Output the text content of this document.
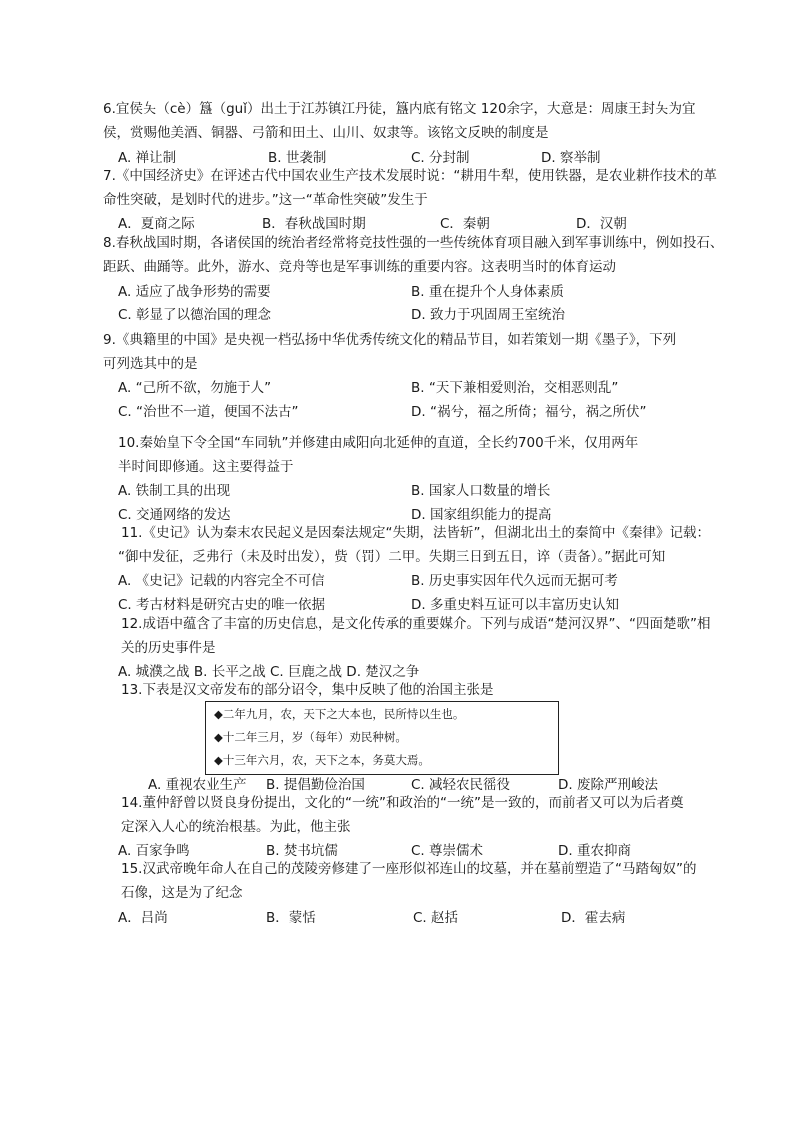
6.宜侯夨（cè）簋（guǐ）出土于江苏镇江丹徒，簋内底有铭文 120余字，大意是：周康王封夨为宜
侯，赏赐他美酒、铜器、弓箭和田土、山川、奴隶等。该铭文反映的制度是
A. 禅让制	B. 世袭制	C. 分封制	D. 察举制
7.《中国经济史》在评述古代中国农业生产技术发展时说：“耕用牛犁，使用铁器，是农业耕作技术的革
命性突破，是划时代的进步。”这一“革命性突破”发生于
A．夏商之际	B．春秋战国时期	C．秦朝	D．汉朝
8.春秋战国时期，各诸侯国的统治者经常将竞技性强的一些传统体育项目融入到军事训练中，例如投石、
距跃、曲踊等。此外，游水、竞舟等也是军事训练的重要内容。这表明当时的体育运动
A. 适应了战争形势的需要	B. 重在提升个人身体素质
C. 彰显了以德治国的理念	D. 致力于巩固周王室统治
9.《典籍里的中国》是央视一档弘扬中华优秀传统文化的精品节目，如若策划一期《墨子》，下列
可列选其中的是
A. “己所不欲，勿施于人”	B. “天下兼相爱则治，交相恶则乱”
C. “治世不一道，便国不法古”	D. “祸兮，福之所倚；福兮，祸之所伏”
10.秦始皇下令全国“车同轨”并修建由咸阳向北延伸的直道，全长约700千米，仅用两年
半时间即修通。这主要得益于
A. 铁制工具的出现	B. 国家人口数量的增长
C. 交通网络的发达	D. 国家组织能力的提高
11.《史记》认为秦末农民起义是因秦法规定“失期，法皆斩”，但湖北出土的秦简中《秦律》记载：
“御中发征，乏弗行（未及时出发），赀（罚）二甲。失期三日到五日，谇（责备）。”据此可知
A. 《史记》记载的内容完全不可信	B. 历史事实因年代久远而无据可考
C. 考古材料是研究古史的唯一依据	D. 多重史料互证可以丰富历史认知
12.成语中蕴含了丰富的历史信息，是文化传承的重要媒介。下列与成语“楚河汉界”、“四面楚歌”相
关的历史事件是
A. 城濮之战 B. 长平之战 C. 巨鹿之战 D. 楚汉之争
13.下表是汉文帝发布的部分诏令，集中反映了他的治国主张是
◆二年九月，农，天下之大本也，民所恃以生也。
◆十二年三月，岁（每年）劝民种树。
◆十三年六月，农，天下之本，务莫大焉。
A. 重视农业生产 B. 提倡勤俭治国	C. 减轻农民徭役	D. 废除严刑峻法
14.董仲舒曾以贤良身份提出，文化的“一统”和政治的“一统”是一致的，而前者又可以为后者奠
定深入人心的统治根基。为此，他主张
A. 百家争鸣	B. 焚书坑儒	C. 尊崇儒术	D. 重农抑商
15.汉武帝晚年命人在自己的茂陵旁修建了一座形似祁连山的坟墓，并在墓前塑造了“马踏匈奴”的
石像，这是为了纪念
A．吕尚	B．蒙恬	C. 赵括	D．霍去病
